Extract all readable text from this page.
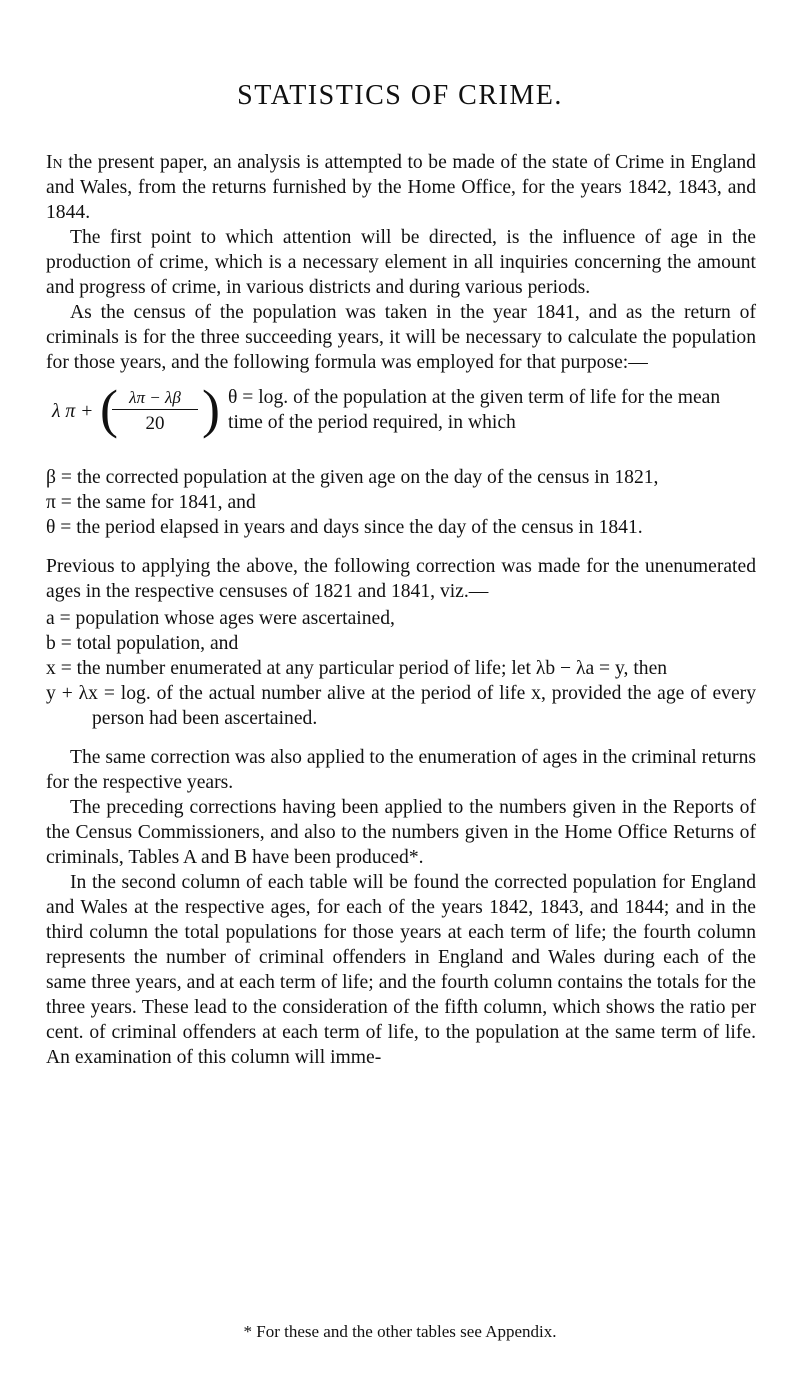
STATISTICS OF CRIME.

In the present paper, an analysis is attempted to be made of the state of Crime in England and Wales, from the returns furnished by the Home Office, for the years 1842, 1843, and 1844.

The first point to which attention will be directed, is the influence of age in the production of crime, which is a necessary element in all inquiries concerning the amount and progress of crime, in various districts and during various periods.

As the census of the population was taken in the year 1841, and as the return of criminals is for the three succeeding years, it will be necessary to calculate the population for those years, and the following formula was employed for that purpose:—

λ π + ( λπ − λβ
20 ) θ = log. of the population at the given term of life for the mean time of the period required, in which

β = the corrected population at the given age on the day of the census in 1821,

π = the same for 1841, and

θ = the period elapsed in years and days since the day of the census in 1841.

Previous to applying the above, the following correction was made for the unenumerated ages in the respective censuses of 1821 and 1841, viz.—

a = population whose ages were ascertained,

b = total population, and

x = the number enumerated at any particular period of life; let λb − λa = y, then

y + λx = log. of the actual number alive at the period of life x, provided the age of every person had been ascertained.

The same correction was also applied to the enumeration of ages in the criminal returns for the respective years.

The preceding corrections having been applied to the numbers given in the Reports of the Census Commissioners, and also to the numbers given in the Home Office Returns of criminals, Tables A and B have been produced*.

In the second column of each table will be found the corrected population for England and Wales at the respective ages, for each of the years 1842, 1843, and 1844; and in the third column the total populations for those years at each term of life; the fourth column represents the number of criminal offenders in England and Wales during each of the same three years, and at each term of life; and the fourth column contains the totals for the three years. These lead to the consideration of the fifth column, which shows the ratio per cent. of criminal offenders at each term of life, to the population at the same term of life. An examination of this column will imme-

* For these and the other tables see Appendix.
